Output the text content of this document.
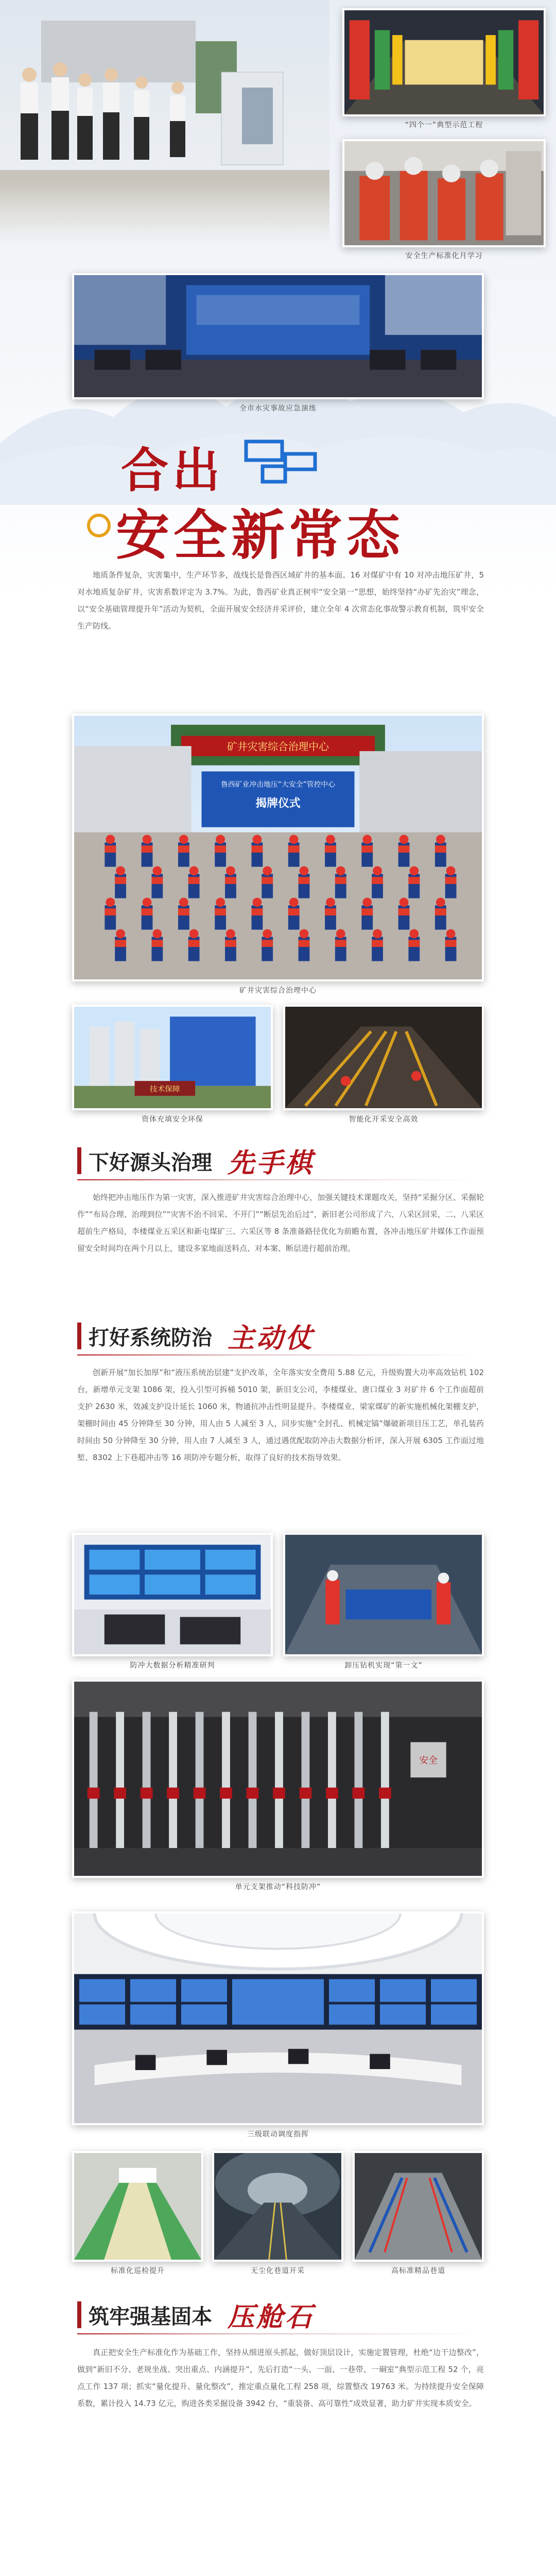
“四个一”典型示范工程
安全生产标准化月学习
全市水灾事故应急演练
合出
安全新常态
地质条件复杂，灾害集中，生产环节多，战线长是鲁西区域矿井的基本面。16 对煤矿中有 10 对冲击地压矿井，5 对水地质复杂矿井，灾害系数评定为 3.7%。为此，鲁西矿业真正树牢“安全第一”思想，始终坚持“办矿先治灾”理念，以“安全基础管理提升年”活动为契机，全面开展安全经济并采评价，建立全年 4 次常态化事故警示教育机制，筑牢安全生产防线。
矿井灾害综合治理中心
鲁西矿业冲击地压“大安全”管控中心
揭牌仪式
矿井灾害综合治理中心
技术保障
资体充填安全环保	智能化开采安全高效
下好源头治理 先手棋
始终把冲击地压作为第一灾害，深入推进矿井灾害综合治理中心，加强关键技术课题攻关，坚持“采掘分区、采掘轮作”“布局合理、治理到位”“灾害不治不回采、不开门”“断层先治后过”，新旧老公司形成了六、八采区回采，二、八采区超前生产格局，李楼煤业五采区和新屯煤矿三、六采区等 8 条准备路径优化为前瞻布置，各冲击地压矿井媒体工作面预留安全时间均在两个月以上，建设多家地面送料点、对本案、断层进行超前治理。
打好系统防治 主动仗
创新开展“加长加厚”和“液压系统治层建”支护改革，全年落实安全费用 5.88 亿元，升级购置大功率高效钻机 102 台，新增单元支架 1086 架，投入引型可拆桶 5010 架，新旧支公司，李楼煤业、唐口煤业 3 对矿井 6 个工作面超前支护 2630 米，效减支护设计延长 1060 米，物通抗冲击性明显提升。李楼煤业、梁家煤矿的新实施机械化架棚支护，架棚时间由 45 分钟降至 30 分钟，用人由 5 人减至 3 人，同步实施“全封孔、机械定镐”爆破新项目压工艺，单孔装药时间由 50 分钟降至 30 分钟，用人由 7 人减至 3 人，通过遇优配取防冲击大数据分析评，深入开展 6305 工作面过地堑、8302 上下巷超冲击等 16 项防冲专题分析，取得了良好的技术指导效果。
防冲大数据分析精准研判	卸压钻机实现“第一文”
安全
单元支架推动“科技防冲”
三级联动调度指挥
标准化巡检提升	无尘化巷道开采	高标准精品巷道
筑牢强基固本 压舱石
真正把安全生产标准化作为基础工作，坚持从细进原头抓起，做好顶层设计，实施定置管理，杜绝“边干边整改”，做到“新旧不分、老规坐战、突出重点、内涵提升”，先后打造“一头、一面、一巷带、一硐室”典型示范工程 52 个，亮点工作 137 项；抓实“量化提升、量化整改”，推定重点量化工程 258 项，综置整改 19763 米。为持续提升安全保障系数，累计投入 14.73 亿元，购进各类采掘设备 3942 台，“重装备、高可靠性”成效显著，助力矿井实现本质安全。
